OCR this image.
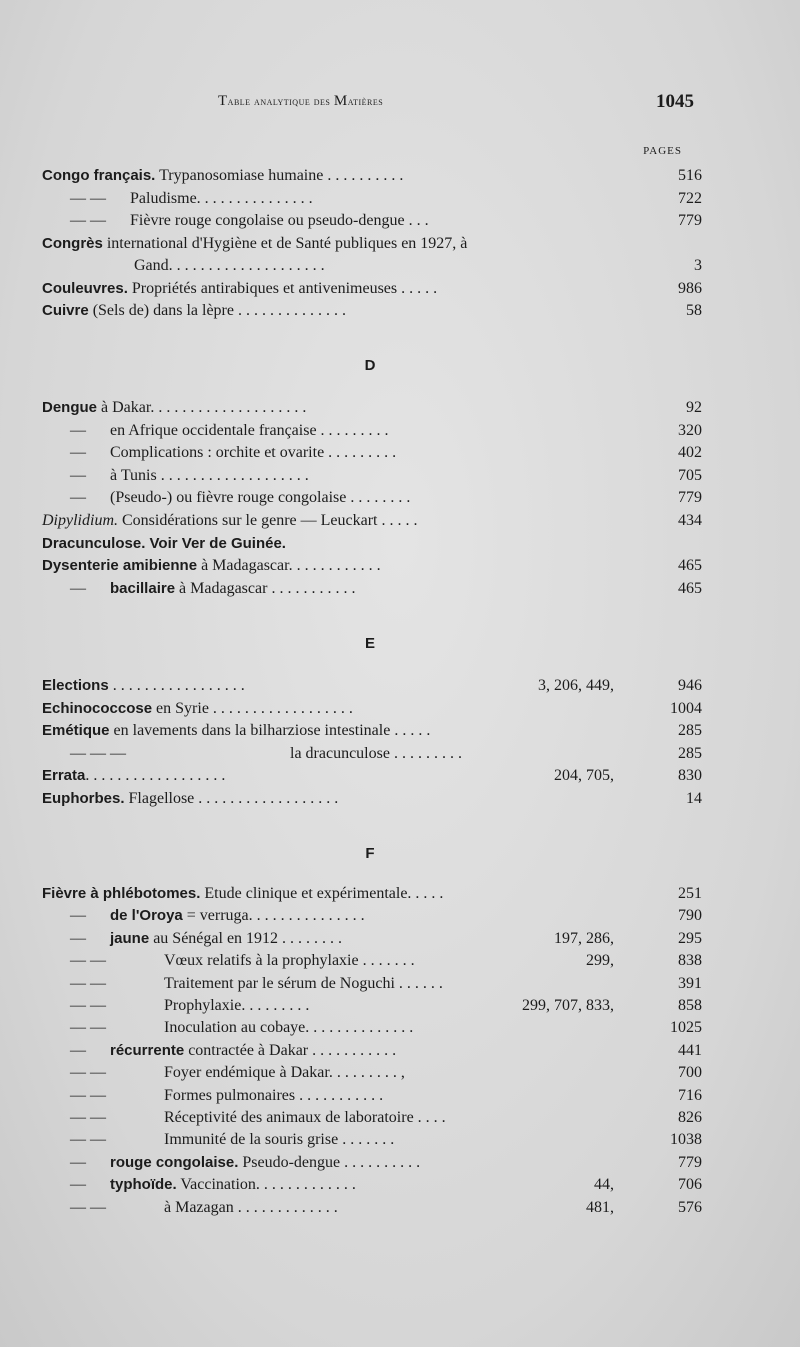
Table analytique des Matières	1045
PAGES
Congo français. Trypanosomiase humaine . . . . . . . . . .	516
— — Paludisme. . . . . . . . . . . . . . .	722
— — Fièvre rouge congolaise ou pseudo-dengue . . .	779
Congrès international d'Hygiène et de Santé publiques en 1927, à
Gand. . . . . . . . . . . . . . . . . . . .	3
Couleuvres. Propriétés antirabiques et antivenimeuses . . . . .	986
Cuivre (Sels de) dans la lèpre . . . . . . . . . . . . . .	58
Dengue à Dakar. . . . . . . . . . . . . . . . . . . .	92
— en Afrique occidentale française . . . . . . . . .	320
— Complications : orchite et ovarite . . . . . . . . .	402
— à Tunis . . . . . . . . . . . . . . . . . . .	705
— (Pseudo-) ou fièvre rouge congolaise . . . . . . . .	779
Dipylidium. Considérations sur le genre — Leuckart . . . . .	434
Dracunculose. Voir Ver de Guinée.
Dysenterie amibienne à Madagascar. . . . . . . . . . . .	465
— bacillaire à Madagascar . . . . . . . . . . .	465
Elections . . . . . . . . . . . . . . . . .	3, 206, 449,	946
Echinococcose en Syrie . . . . . . . . . . . . . . . . . .	1004
Emétique en lavements dans la bilharziose intestinale . . . . .	285
— — —	la dracunculose . . . . . . . . .	285
Errata. . . . . . . . . . . . . . . . . .	204, 705,	830
Euphorbes. Flagellose . . . . . . . . . . . . . . . . . .	14
Fièvre à phlébotomes. Etude clinique et expérimentale. . . . .	251
— de l'Oroya = verruga. . . . . . . . . . . . . . .	790
— jaune au Sénégal en 1912 . . . . . . . .	197, 286,	295
— —	Vœux relatifs à la prophylaxie . . . . . . .	299,	838
— —	Traitement par le sérum de Noguchi . . . . . .	391
— —	Prophylaxie. . . . . . . . .	299, 707, 833,	858
— —	Inoculation au cobaye. . . . . . . . . . . . . .	1025
— récurrente contractée à Dakar . . . . . . . . . . .	441
— —	Foyer endémique à Dakar. . . . . . . . . ,	700
— —	Formes pulmonaires . . . . . . . . . . .	716
— —	Réceptivité des animaux de laboratoire . . . .	826
— —	Immunité de la souris grise . . . . . . .	1038
— rouge congolaise. Pseudo-dengue . . . . . . . . . .	779
— typhoïde. Vaccination. . . . . . . . . . . . .	44,	706
— —	à Mazagan . . . . . . . . . . . . .	481,	576
D
E
F
